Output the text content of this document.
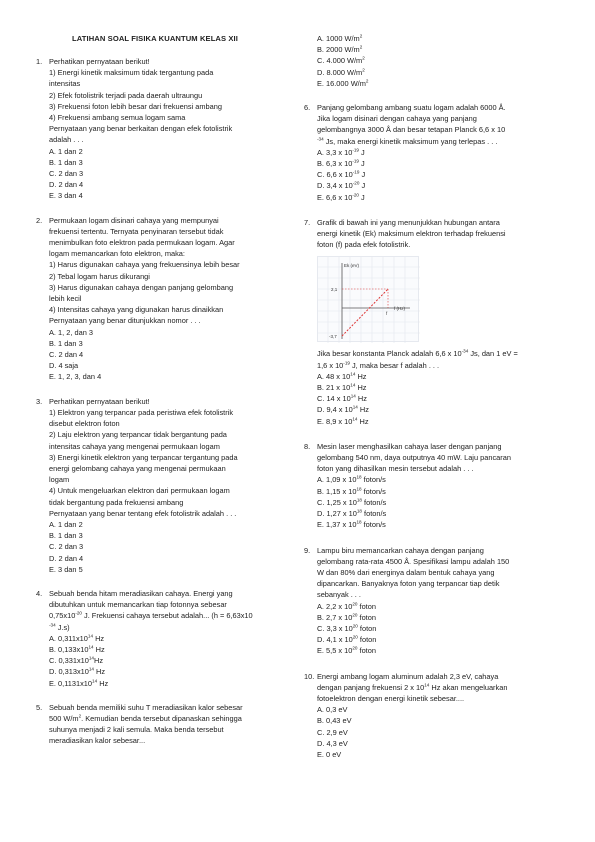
LATIHAN SOAL FISIKA KUANTUM KELAS XII
1. Perhatikan pernyataan berikut!
1) Energi kinetik maksimum tidak tergantung pada
intensitas
2) Efek fotolistrik terjadi pada daerah ultraungu
3) Frekuensi foton lebih besar dari frekuensi ambang
4) Frekuensi ambang semua logam sama
Pernyataan yang benar berkaitan dengan efek fotolistrik
adalah . . .
A. 1 dan 2
B. 1 dan 3
C. 2 dan 3
D. 2 dan 4
E. 3 dan 4
2. Permukaan logam disinari cahaya yang mempunyai
frekuensi tertentu. Ternyata penyinaran tersebut tidak
menimbulkan foto elektron pada permukaan logam. Agar
logam memancarkan foto elektron, maka:
1) Harus digunakan cahaya yang frekuensinya lebih besar
2) Tebal logam harus dikurangi
3) Harus digunakan cahaya dengan panjang gelombang
lebih kecil
4) Intensitas cahaya yang digunakan harus dinaikkan
Pernyataan yang benar ditunjukkan nomor . . .
A. 1, 2, dan 3
B. 1 dan 3
C. 2 dan 4
D. 4 saja
E. 1, 2, 3, dan 4
3. Perhatikan pernyataan berikut!
1) Elektron yang terpancar pada peristiwa efek fotolistrik
disebut elektron foton
2) Laju elektron yang terpancar tidak bergantung pada
intensitas cahaya yang mengenai permukaan logam
3) Energi kinetik elektron yang terpancar tergantung pada
energi gelombang cahaya yang mengenai permukaan
logam
4) Untuk mengeluarkan elektron dari permukaan logam
tidak bergantung pada frekuensi ambang
Pernyataan yang benar tentang efek fotolistrik adalah . . .
A. 1 dan 2
B. 1 dan 3
C. 2 dan 3
D. 2 dan 4
E. 3 dan 5
4. Sebuah benda hitam meradiasikan cahaya. Energi yang
dibutuhkan untuk memancarkan tiap fotonnya sebesar
$0,75x10^{-20}$ J. Frekuensi cahaya tersebut adalah... (h = 6,63x10
$^{-34}$ J.s)
A. $0,311x10^{14}$ Hz
B. $0,133x10^{14}$ Hz
C. $0,331x10^{14}Hz$
D. $0,313x10^{14}$ Hz
E. $0,1131x10^{14}$ Hz
5. Sebuah benda memiliki suhu T meradiasikan kalor sebesar
500 $W/m^2$. Kemudian benda tersebut dipanaskan sehingga
suhunya menjadi 2 kali semula. Maka benda tersebut
meradiasikan kalor sebesar...
A. 1000 $W/m^2$
B. 2000 $W/m^2$
C. 4.000 $W/m^2$
D. 8.000 $W/m^2$
E. 16.000 $W/m^2$
6. Panjang gelombang ambang suatu logam adalah 6000 Å.
Jika logam disinari dengan cahaya yang panjang
gelombangnya 3000 Å dan besar tetapan Planck 6,6 x 10
$^{-34}$ Js, maka energi kinetik maksimum yang terlepas . . .
A. 3,3 x $10^{-19}$ J
B. 6,3 x $10^{-19}$ J
C. 6,6 x $10^{-19}$ J
D. 3,4 x $10^{-20}$ J
E. 6,6 x $10^{-20}$ J
7. Grafik di bawah ini yang menunjukkan hubungan antara
energi kinetik (Ek) maksimum elektron terhadap frekuensi
foton (f) pada efek fotolistrik.
Ek (eV)
f (Hz)
2,1
-3,7
f
Jika besar konstanta Planck adalah 6,6 x $10^{-34}$ Js, dan 1 eV =
1,6 x $10^{-19}$ J, maka besar f adalah . . .
A. 48 x $10^{14}$ Hz
B. 21 x $10^{14}$ Hz
C. 14 x $10^{14}$ Hz
D. 9,4 x $10^{14}$ Hz
E. 8,9 x $10^{14}$ Hz
8. Mesin laser menghasilkan cahaya laser dengan panjang
gelombang 540 nm, daya outputnya 40 mW. Laju pancaran
foton yang dihasilkan mesin tersebut adalah . . .
A. 1,09 x $10^{18}$ foton/s
B. 1,15 x $10^{18}$ foton/s
C. 1,25 x $10^{18}$ foton/s
D. 1,27 x $10^{18}$ foton/s
E. 1,37 x $10^{18}$ foton/s
9. Lampu biru memancarkan cahaya dengan panjang
gelombang rata-rata 4500 Å. Spesifikasi lampu adalah 150
W dan 80% dari energinya dalam bentuk cahaya yang
dipancarkan. Banyaknya foton yang terpancar tiap detik
sebanyak . . .
A. 2,2 x $10^{20}$ foton
B. 2,7 x $10^{20}$ foton
C. 3,3 x $10^{20}$ foton
D. 4,1 x $10^{20}$ foton
E. 5,5 x $10^{20}$ foton
10. Energi ambang logam aluminum adalah 2,3 eV, cahaya
dengan panjang frekuensi 2 x $10^{14}$ Hz akan mengeluarkan
fotoelektron dengan energi kinetik sebesar....
A. 0,3 eV
B. 0,43 eV
C. 2,9 eV
D. 4,3 eV
E. 0 eV
